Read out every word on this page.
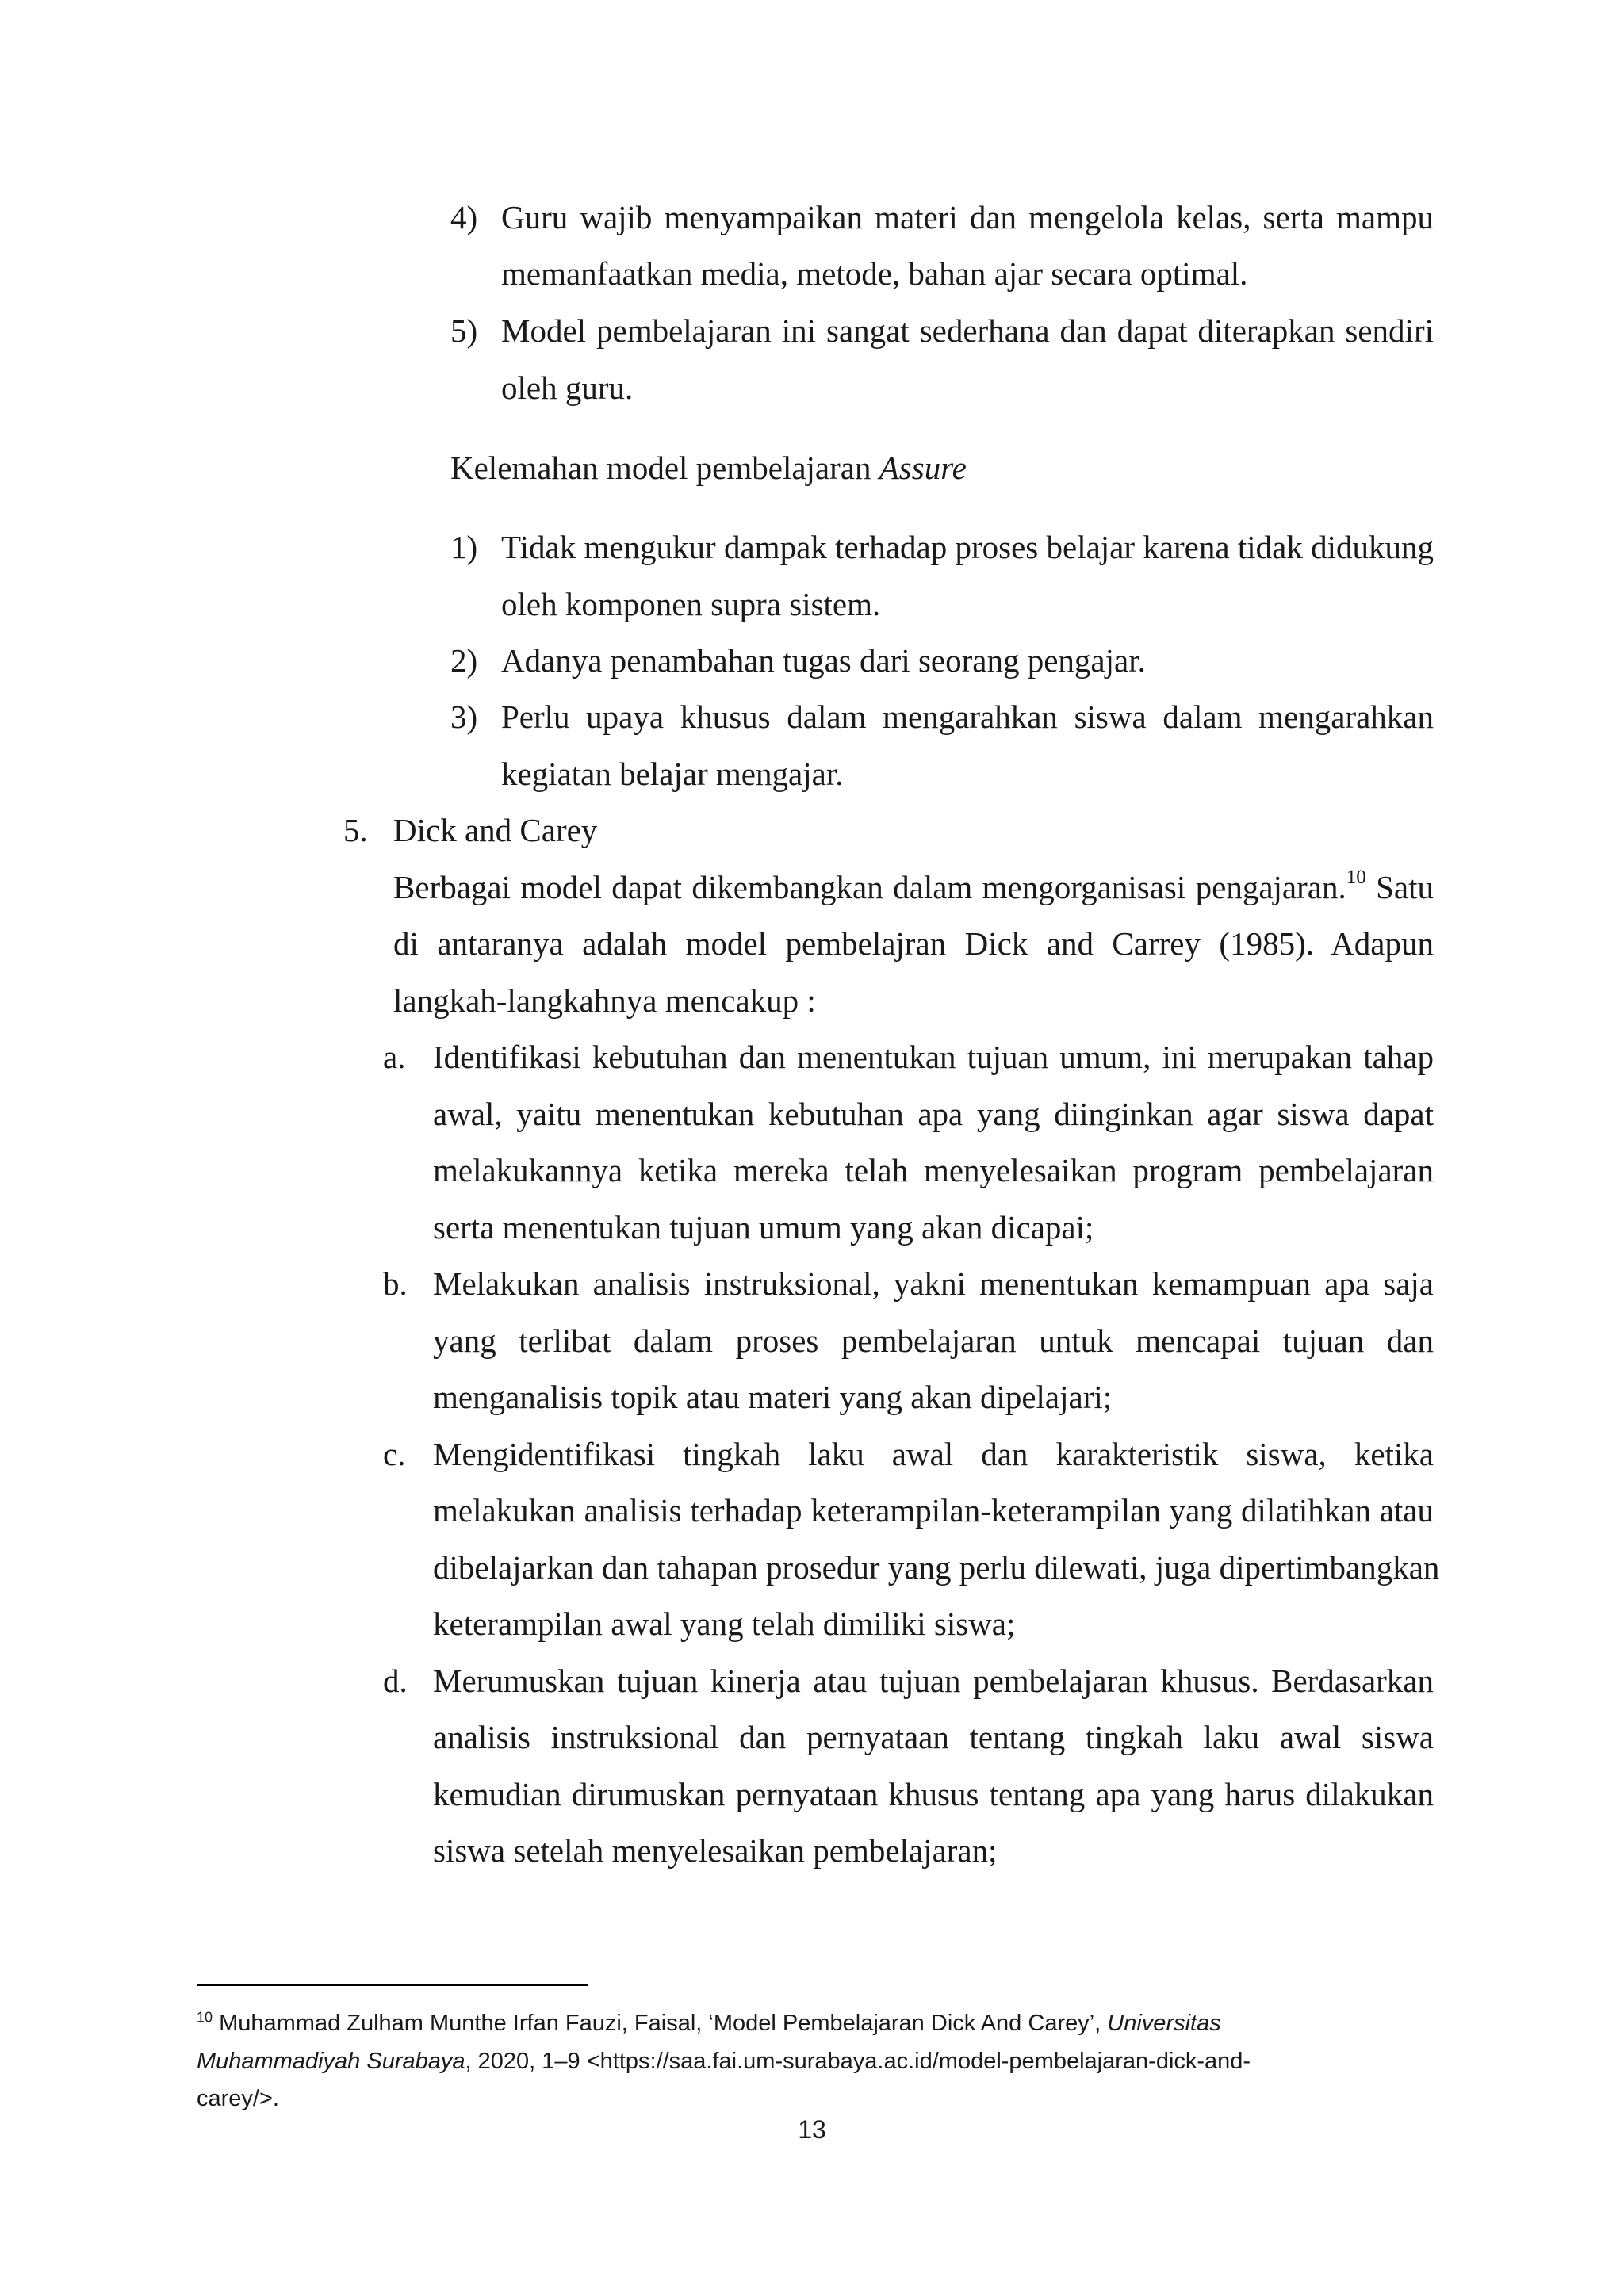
4) Guru wajib menyampaikan materi dan mengelola kelas, serta mampu
memanfaatkan media, metode, bahan ajar secara optimal.
5) Model pembelajaran ini sangat sederhana dan dapat diterapkan sendiri
oleh guru.
Kelemahan model pembelajaran Assure
1) Tidak mengukur dampak terhadap proses belajar karena tidak didukung
oleh komponen supra sistem.
2) Adanya penambahan tugas dari seorang pengajar.
3) Perlu upaya khusus dalam mengarahkan siswa dalam mengarahkan
kegiatan belajar mengajar.
5. Dick and Carey
Berbagai model dapat dikembangkan dalam mengorganisasi pengajaran.$^{10}$ Satu
di antaranya adalah model pembelajran Dick and Carrey (1985). Adapun
langkah-langkahnya mencakup :
a. Identifikasi kebutuhan dan menentukan tujuan umum, ini merupakan tahap
awal, yaitu menentukan kebutuhan apa yang diinginkan agar siswa dapat
melakukannya ketika mereka telah menyelesaikan program pembelajaran
serta menentukan tujuan umum yang akan dicapai;
b. Melakukan analisis instruksional, yakni menentukan kemampuan apa saja
yang terlibat dalam proses pembelajaran untuk mencapai tujuan dan
menganalisis topik atau materi yang akan dipelajari;
c. Mengidentifikasi tingkah laku awal dan karakteristik siswa, ketika
melakukan analisis terhadap keterampilan-keterampilan yang dilatihkan atau
dibelajarkan dan tahapan prosedur yang perlu dilewati, juga dipertimbangkan
keterampilan awal yang telah dimiliki siswa;
d. Merumuskan tujuan kinerja atau tujuan pembelajaran khusus. Berdasarkan
analisis instruksional dan pernyataan tentang tingkah laku awal siswa
kemudian dirumuskan pernyataan khusus tentang apa yang harus dilakukan
siswa setelah menyelesaikan pembelajaran;
$^{10}$ Muhammad Zulham Munthe Irfan Fauzi, Faisal, ‘Model Pembelajaran Dick And Carey’, Universitas
Muhammadiyah Surabaya, 2020, 1–9 <https://saa.fai.um-surabaya.ac.id/model-pembelajaran-dick-and-
carey/>.
13
